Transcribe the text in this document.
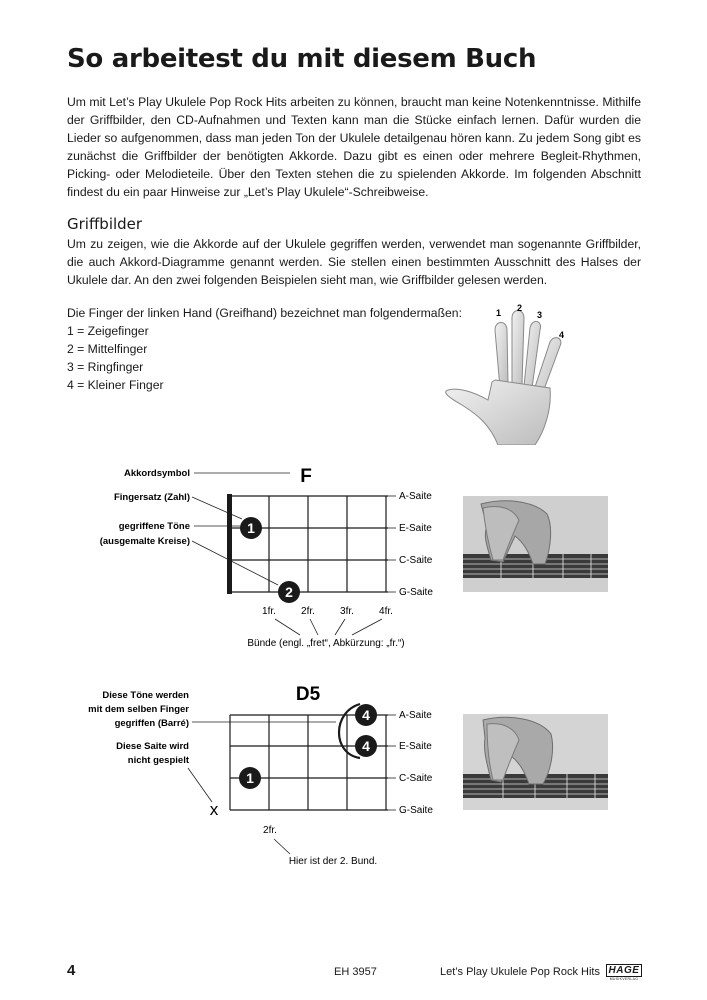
So arbeitest du mit diesem Buch

Um mit Let’s Play Ukulele Pop Rock Hits arbeiten zu können, braucht man keine Notenkenntnisse. Mithilfe der Griffbilder, den CD-Aufnahmen und Texten kann man die Stücke einfach lernen. Dafür wurden die Lieder so aufgenommen, dass man jeden Ton der Ukulele detailgenau hören kann. Zu jedem Song gibt es zunächst die Griffbilder der benötigten Akkorde. Dazu gibt es einen oder mehrere Begleit-Rhythmen, Picking- oder Melodieteile. Über den Texten stehen die zu spielenden Akkorde. Im folgenden Abschnitt findest du ein paar Hinweise zur „Let’s Play Ukulele“-Schreibweise.

Griffbilder

Um zu zeigen, wie die Akkorde auf der Ukulele gegriffen werden, verwendet man sogenannte Griffbilder, die auch Akkord-Diagramme genannt werden. Sie stellen einen bestimmten Ausschnitt des Halses der Ukulele dar. An den zwei folgenden Beispielen sieht man, wie Griffbilder gelesen werden.

Die Finger der linken Hand (Greifhand) bezeichnet man folgendermaßen:
1 = Zeigefinger
2 = Mittelfinger
3 = Ringfinger
4 = Kleiner Finger
1 2
3
4
F
Akkordsymbol
Fingersatz (Zahl)
gegriffene Töne
(ausgemalte Kreise)
A-Saite
E-Saite
C-Saite
G-Saite
1
2
1fr.	2fr.	3fr.	4fr.
Bünde (engl. „fret“, Abkürzung: „fr.“)
D5
Diese Töne werden
mit dem selben Finger
gegriffen (Barré)
Diese Saite wird
nicht gespielt
A-Saite
E-Saite
C-Saite
G-Saite
4
4
1
x
2fr.
Hier ist der 2. Bund.
4	EH 3957	Let’s Play Ukulele Pop Rock Hits HAGE
MUSIKVERLAG
